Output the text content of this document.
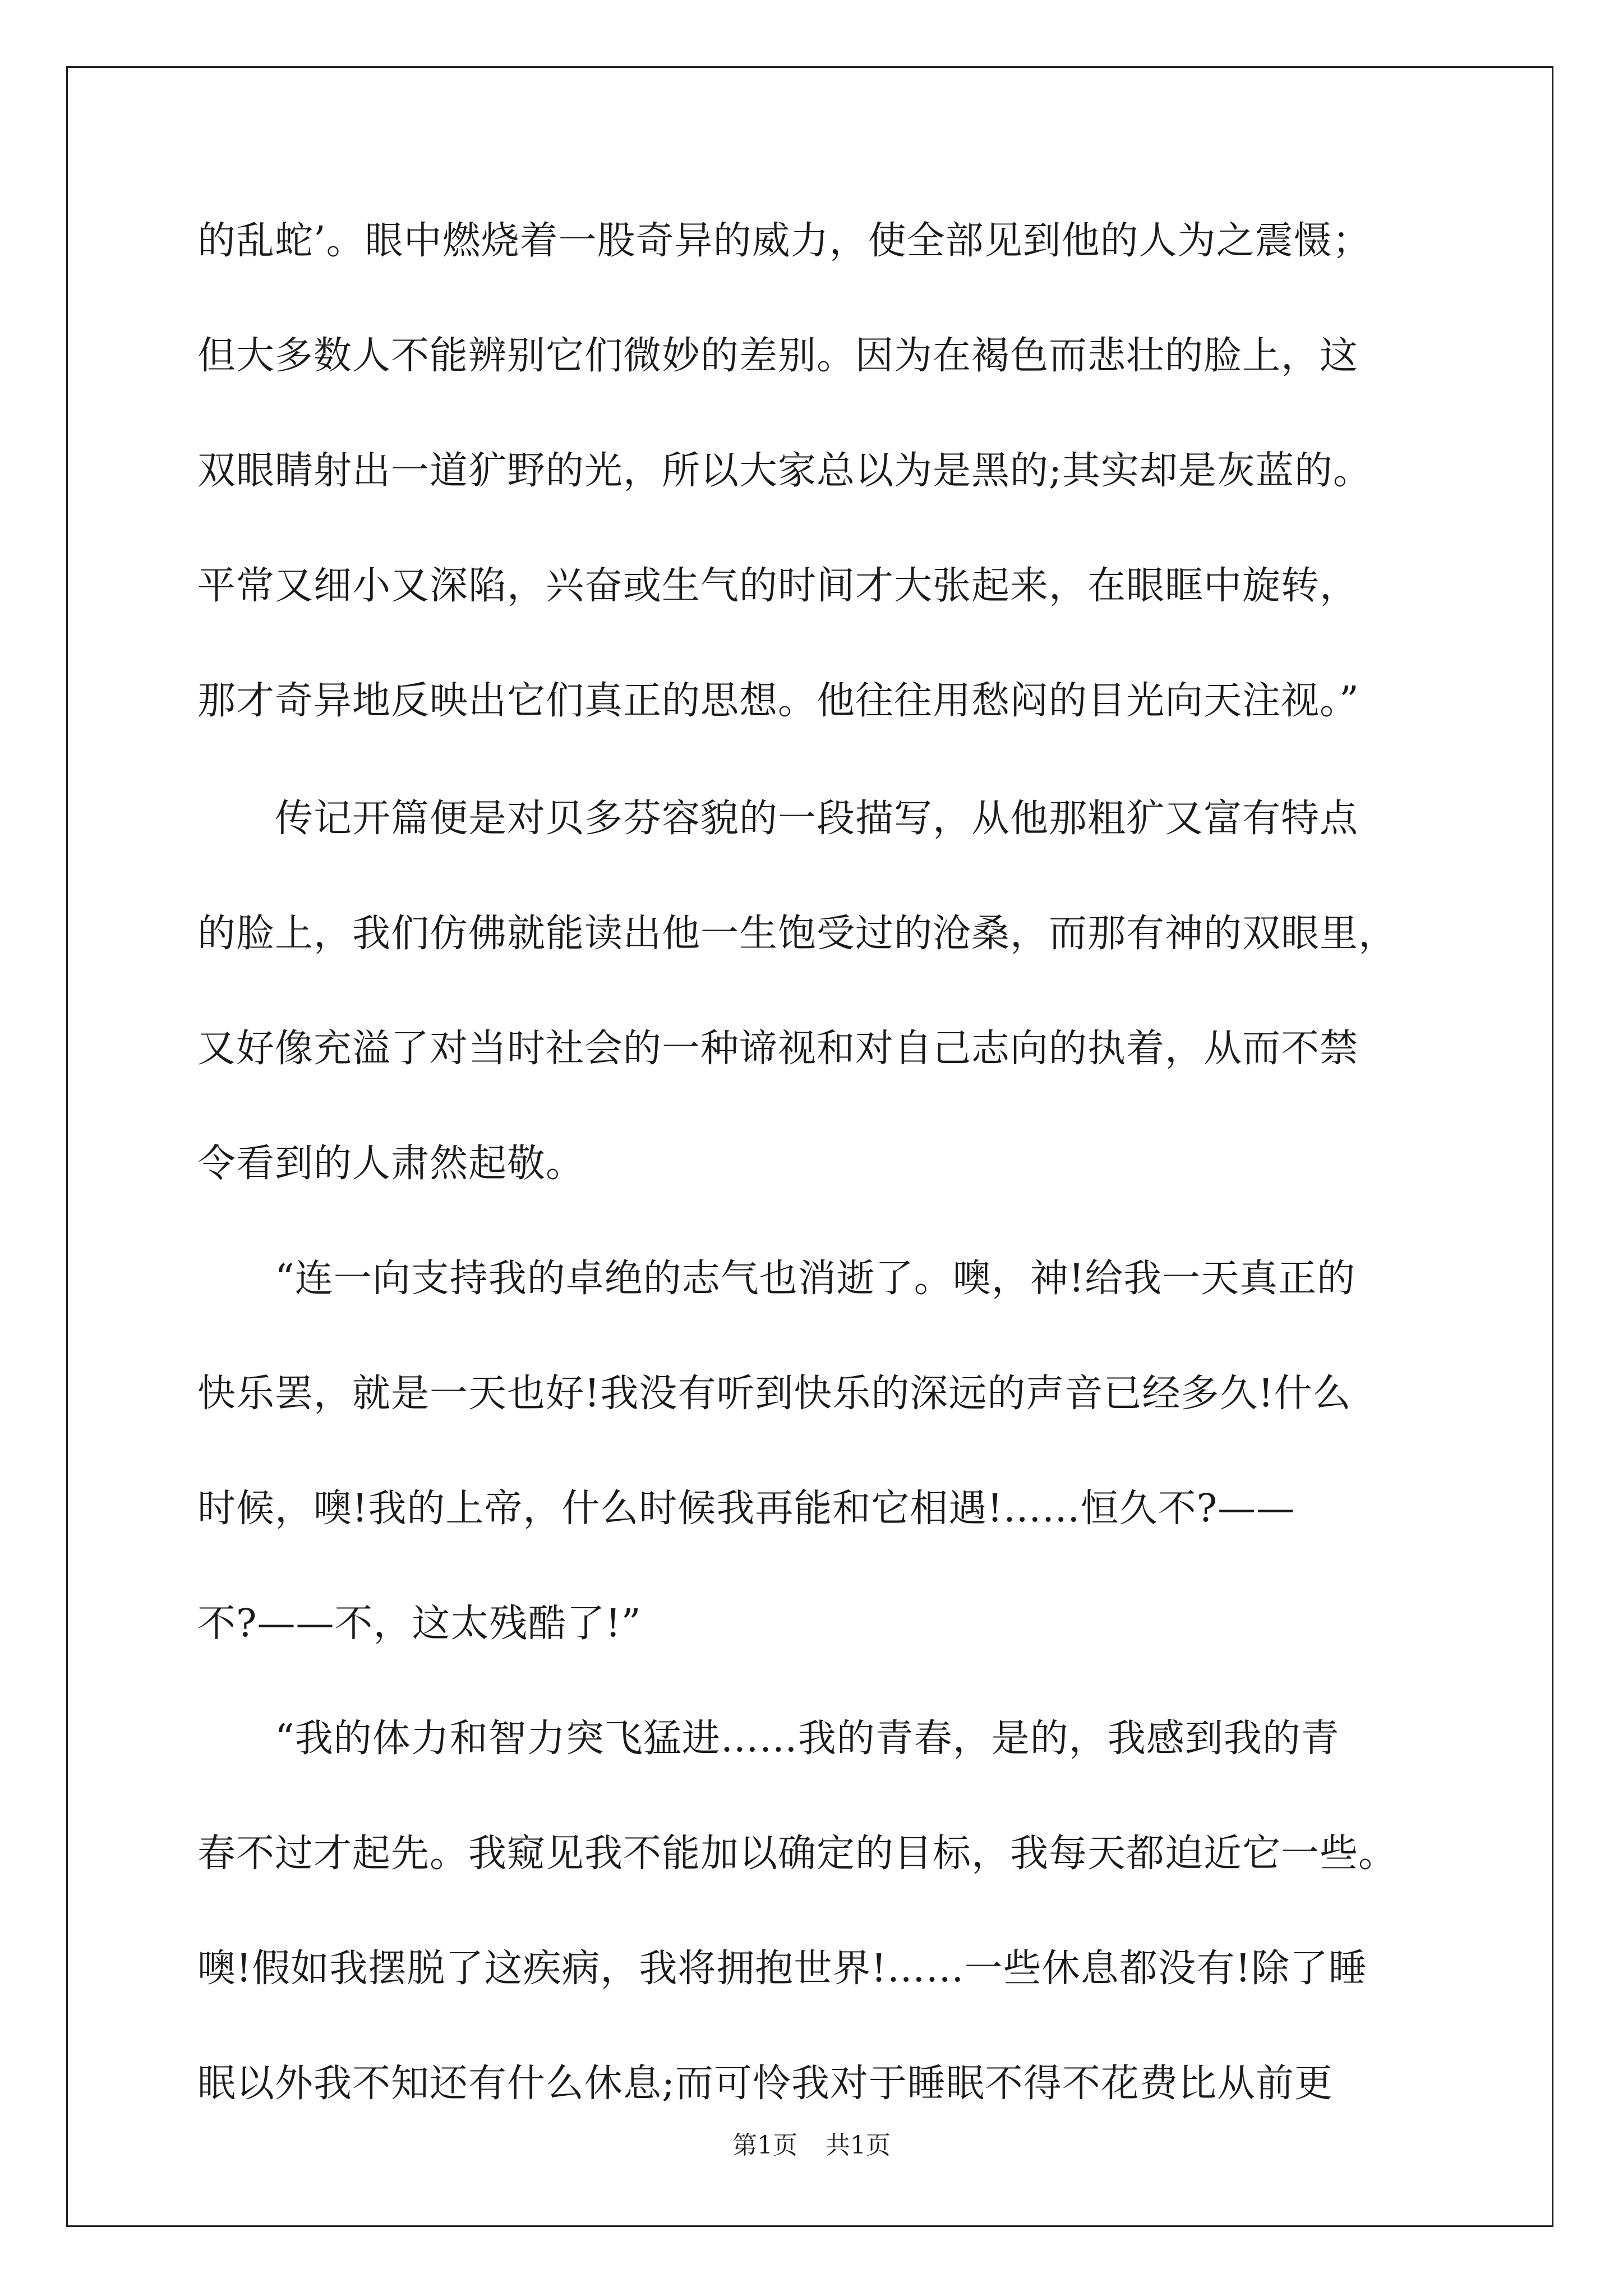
的乱蛇’。眼中燃烧着一股奇异的威力，使全部见到他的人为之震慑；
但大多数人不能辨别它们微妙的差别。因为在褐色而悲壮的脸上，这
双眼睛射出一道犷野的光，所以大家总以为是黑的;其实却是灰蓝的。
平常又细小又深陷，兴奋或生气的时间才大张起来，在眼眶中旋转，
那才奇异地反映出它们真正的思想。他往往用愁闷的目光向天注视。”
　　传记开篇便是对贝多芬容貌的一段描写，从他那粗犷又富有特点
的脸上，我们仿佛就能读出他一生饱受过的沧桑，而那有神的双眼里，
又好像充溢了对当时社会的一种谛视和对自己志向的执着，从而不禁
令看到的人肃然起敬。
　　“连一向支持我的卓绝的志气也消逝了。噢，神!给我一天真正的
快乐罢，就是一天也好!我没有听到快乐的深远的声音已经多久!什么
时候，噢!我的上帝，什么时候我再能和它相遇!……恒久不?——
不?——不，这太残酷了!”
　　“我的体力和智力突飞猛进……我的青春，是的，我感到我的青
春不过才起先。我窥见我不能加以确定的目标，我每天都迫近它一些。
噢!假如我摆脱了这疾病，我将拥抱世界!……一些休息都没有!除了睡
眠以外我不知还有什么休息;而可怜我对于睡眠不得不花费比从前更
第1页 共1页
